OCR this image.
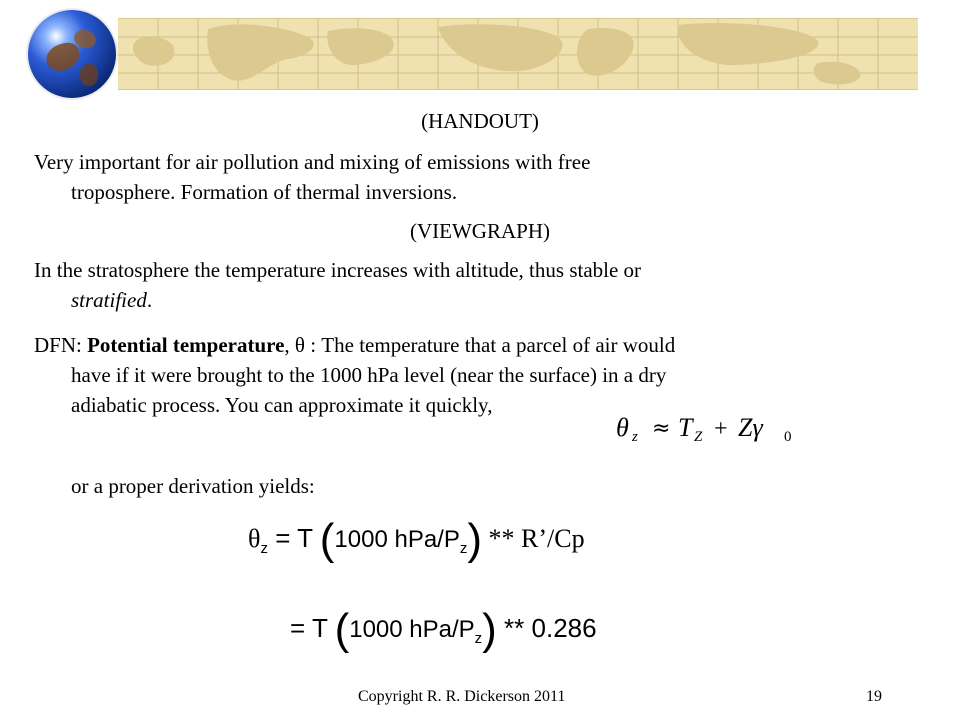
(HANDOUT)
Very important for air pollution and mixing of emissions with free
troposphere. Formation of thermal inversions.
(VIEWGRAPH)
In the stratosphere the temperature increases with altitude, thus stable or
stratified.
DFN: Potential temperature, θ : The temperature that a parcel of air would
have if it were brought to the 1000 hPa level (near the surface) in a dry
adiabatic process. You can approximate it quickly,
θ z ≈ T Z + Zγ 0
or a proper derivation yields:
$\theta_z = T$ (1000 hPa/$P_z$) ** R’/Cp
= T (1000 hPa/$P_z) ** 0.286$
Copyright R. R. Dickerson 2011	19
